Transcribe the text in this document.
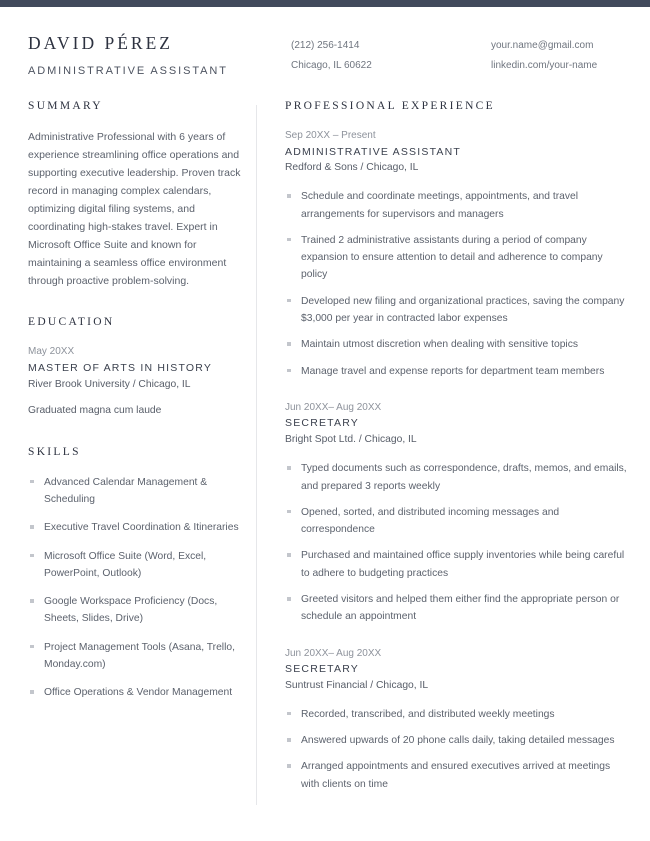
DAVID PÉREZ
ADMINISTRATIVE ASSISTANT
(212) 256-1414
Chicago, IL 60622
your.name@gmail.com
linkedin.com/your-name
SUMMARY
Administrative Professional with 6 years of experience streamlining office operations and supporting executive leadership. Proven track record in managing complex calendars, optimizing digital filing systems, and coordinating high-stakes travel. Expert in Microsoft Office Suite and known for maintaining a seamless office environment through proactive problem-solving.
EDUCATION
May 20XX
MASTER OF ARTS IN HISTORY
River Brook University / Chicago, IL
Graduated magna cum laude
SKILLS
Advanced Calendar Management & Scheduling
Executive Travel Coordination & Itineraries
Microsoft Office Suite (Word, Excel, PowerPoint, Outlook)
Google Workspace Proficiency (Docs, Sheets, Slides, Drive)
Project Management Tools (Asana, Trello, Monday.com)
Office Operations & Vendor Management
PROFESSIONAL EXPERIENCE
Sep 20XX – Present
ADMINISTRATIVE ASSISTANT
Redford & Sons / Chicago, IL
Schedule and coordinate meetings, appointments, and travel arrangements for supervisors and managers
Trained 2 administrative assistants during a period of company expansion to ensure attention to detail and adherence to company policy
Developed new filing and organizational practices, saving the company $3,000 per year in contracted labor expenses
Maintain utmost discretion when dealing with sensitive topics
Manage travel and expense reports for department team members
Jun 20XX– Aug 20XX
SECRETARY
Bright Spot Ltd. / Chicago, IL
Typed documents such as correspondence, drafts, memos, and emails, and prepared 3 reports weekly
Opened, sorted, and distributed incoming messages and correspondence
Purchased and maintained office supply inventories while being careful to adhere to budgeting practices
Greeted visitors and helped them either find the appropriate person or schedule an appointment
Jun 20XX– Aug 20XX
SECRETARY
Suntrust Financial / Chicago, IL
Recorded, transcribed, and distributed weekly meetings
Answered upwards of 20 phone calls daily, taking detailed messages
Arranged appointments and ensured executives arrived at meetings with clients on time
